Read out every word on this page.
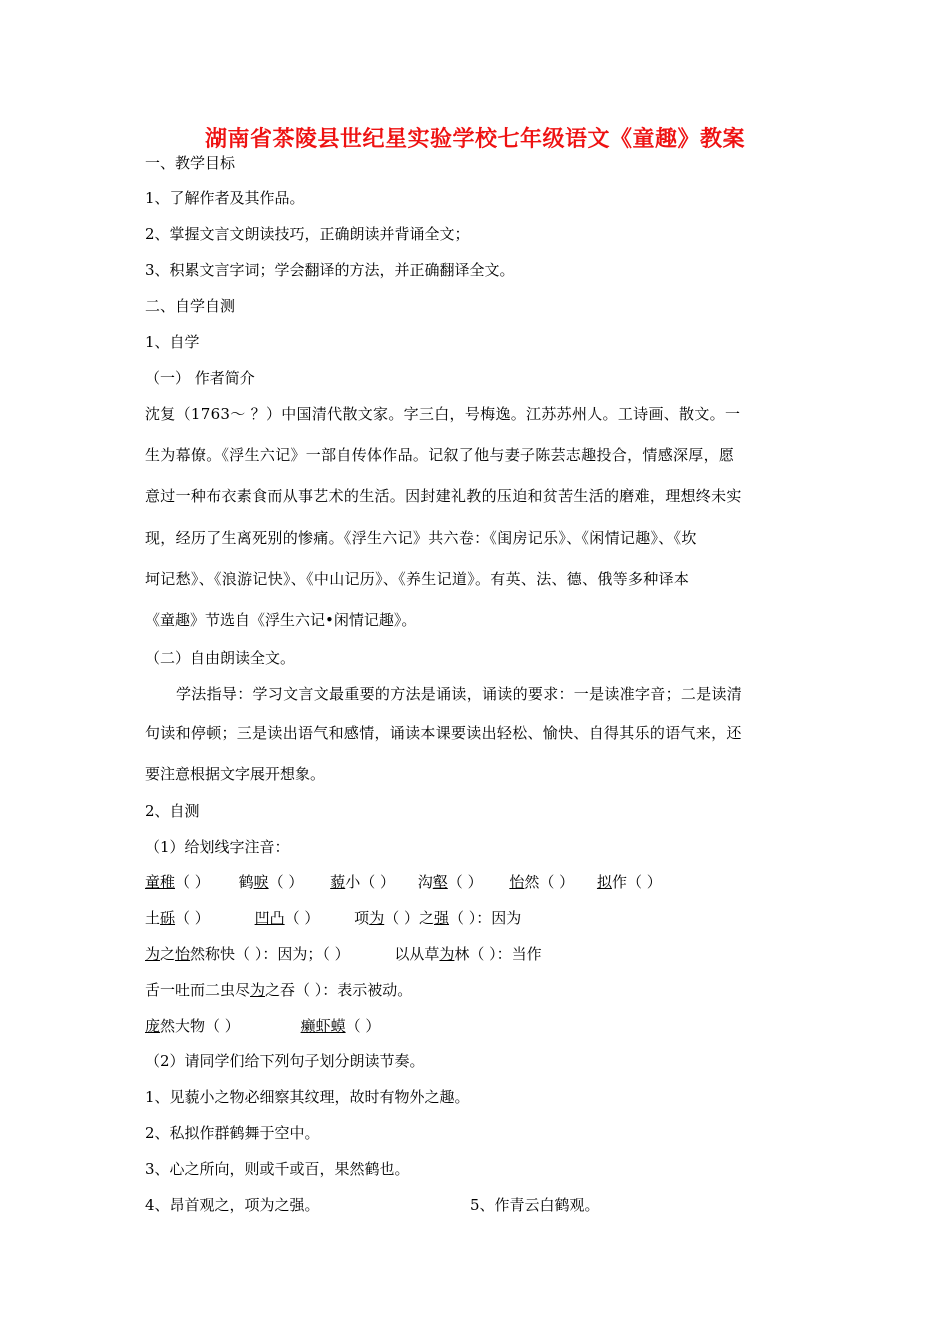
湖南省茶陵县世纪星实验学校七年级语文《童趣》教案
一、教学目标
1、了解作者及其作品。
2、掌握文言文朗读技巧，正确朗读并背诵全文；
3、积累文言字词；学会翻译的方法，并正确翻译全文。
二、自学自测
1、自学
（一） 作者简介
沈复（1763～ ？）中国清代散文家。字三白，号梅逸。江苏苏州人。工诗画、散文。一
生为幕僚。《浮生六记》一部自传体作品。记叙了他与妻子陈芸志趣投合，情感深厚，愿
意过一种布衣素食而从事艺术的生活。因封建礼教的压迫和贫苦生活的磨难，理想终未实
现，经历了生离死别的惨痛。《浮生六记》共六卷：《闺房记乐》、《闲情记趣》、《坎
坷记愁》、《浪游记快》、《中山记历》、《养生记道》。有英、法、德、俄等多种译本
《童趣》节选自《浮生六记•闲情记趣》。
（二）自由朗读全文。
学法指导：学习文言文最重要的方法是诵读，诵读的要求：一是读准字音；二是读清
句读和停顿；三是读出语气和感情，诵读本课要读出轻松、愉快、自得其乐的语气来，还
要注意根据文字展开想象。
2、自测
（1）给划线字注音：
童稚（ ） 鹤唳（ ） 藐小（ ） 沟壑（ ） 怡然（ ） 拟作（ ）
土砾（ ）	凹凸（ ） 项为（ ）之强（ ）：因为
为之怡然称快（ ）：因为；（ ）	以从草为林（ ）：当作
舌一吐而二虫尽为之吞（ ）：表示被动。
庞然大物（ ）	癞虾蟆（ ）
（2）请同学们给下列句子划分朗读节奏。
1、见藐小之物必细察其纹理，故时有物外之趣。
2、私拟作群鹤舞于空中。
3、心之所向，则或千或百，果然鹤也。
4、昂首观之，项为之强。	5、作青云白鹤观。
